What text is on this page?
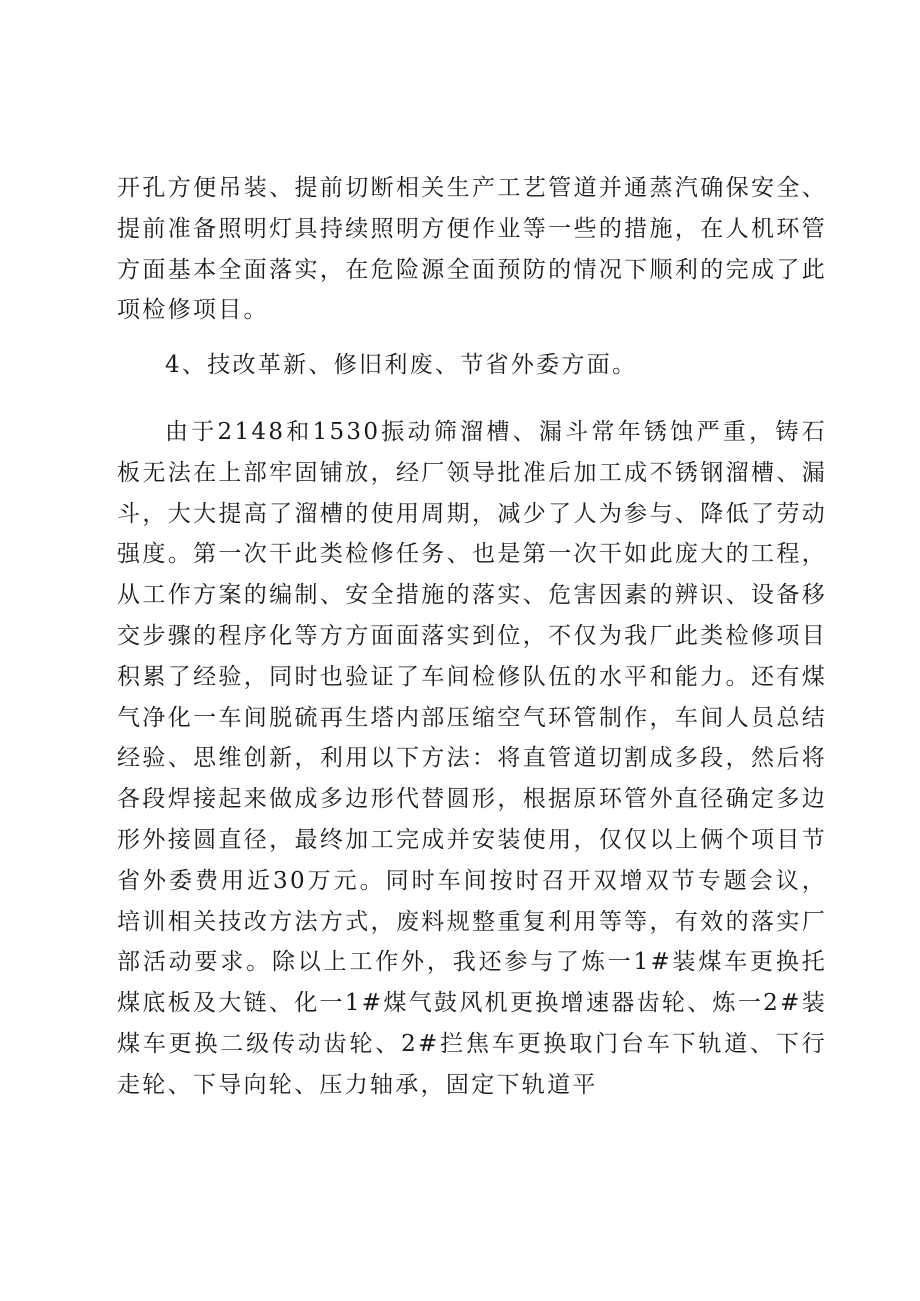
开孔方便吊装、提前切断相关生产工艺管道并通蒸汽确保安全、提前准备照明灯具持续照明方便作业等一些的措施，在人机环管方面基本全面落实，在危险源全面预防的情况下顺利的完成了此项检修项目。

4、技改革新、修旧利废、节省外委方面。

由于2148和1530振动筛溜槽、漏斗常年锈蚀严重，铸石板无法在上部牢固铺放，经厂领导批准后加工成不锈钢溜槽、漏斗，大大提高了溜槽的使用周期，减少了人为参与、降低了劳动强度。第一次干此类检修任务、也是第一次干如此庞大的工程，从工作方案的编制、安全措施的落实、危害因素的辨识、设备移交步骤的程序化等方方面面落实到位，不仅为我厂此类检修项目积累了经验，同时也验证了车间检修队伍的水平和能力。还有煤气净化一车间脱硫再生塔内部压缩空气环管制作，车间人员总结经验、思维创新，利用以下方法：将直管道切割成多段，然后将各段焊接起来做成多边形代替圆形，根据原环管外直径确定多边形外接圆直径，最终加工完成并安装使用，仅仅以上俩个项目节省外委费用近30万元。同时车间按时召开双增双节专题会议，培训相关技改方法方式，废料规整重复利用等等，有效的落实厂部活动要求。除以上工作外，我还参与了炼一1#装煤车更换托煤底板及大链、化一1#煤气鼓风机更换增速器齿轮、炼一2#装煤车更换二级传动齿轮、2#拦焦车更换取门台车下轨道、下行走轮、下导向轮、压力轴承，固定下轨道平
